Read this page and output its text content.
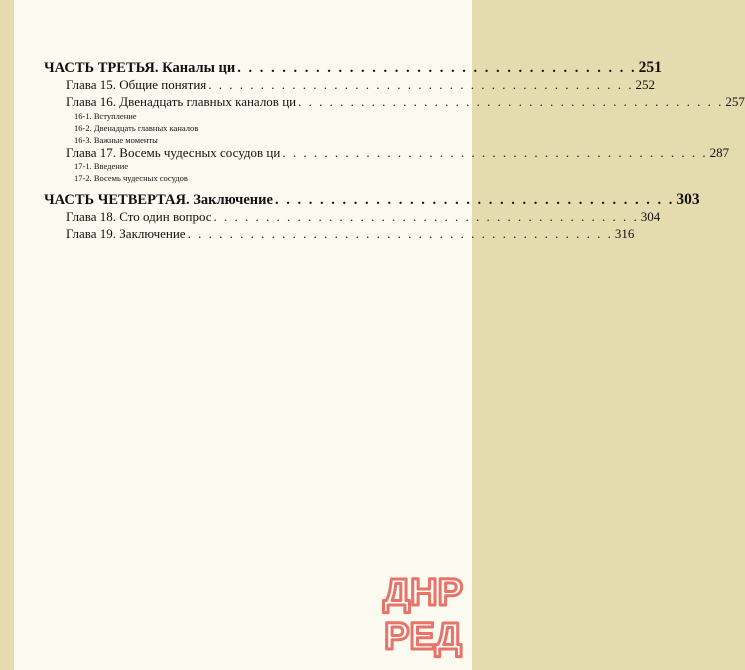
ЧАСТЬ ТРЕТЬЯ. Каналы ци . . . . . . . . . . . . . . . . . . . . . . . . . . . . . . . . . . . . 251
Глава 15. Общие понятия . . . . . . . . . . . . . . . . . . . . . . . . . . . . . . . . . . . . . . . . . 252
Глава 16. Двенадцать главных каналов ци . . . . . . . . . . . . . . . . . . . . . . . . . . . . . . . . . . . . . . . . . 257
16-1. Вступление
16-2. Двенадцать главных каналов
16-3. Важные моменты
Глава 17. Восемь чудесных сосудов ци . . . . . . . . . . . . . . . . . . . . . . . . . . . . . . . . . . . . . . . . . 287
17-1. Введение
17-2. Восемь чудесных сосудов
ЧАСТЬ ЧЕТВЕРТАЯ. Заключение . . . . . . . . . . . . . . . . . . . . . . . . . . . . . . . . . . . . 303
Глава 18. Сто один вопрос . . . . . . . . . . . . . . . . . . . . . . . . . . . . . . . . . . . . . . . . . 304
Глава 19. Заключение . . . . . . . . . . . . . . . . . . . . . . . . . . . . . . . . . . . . . . . . . 316
ДНР
РЕД
